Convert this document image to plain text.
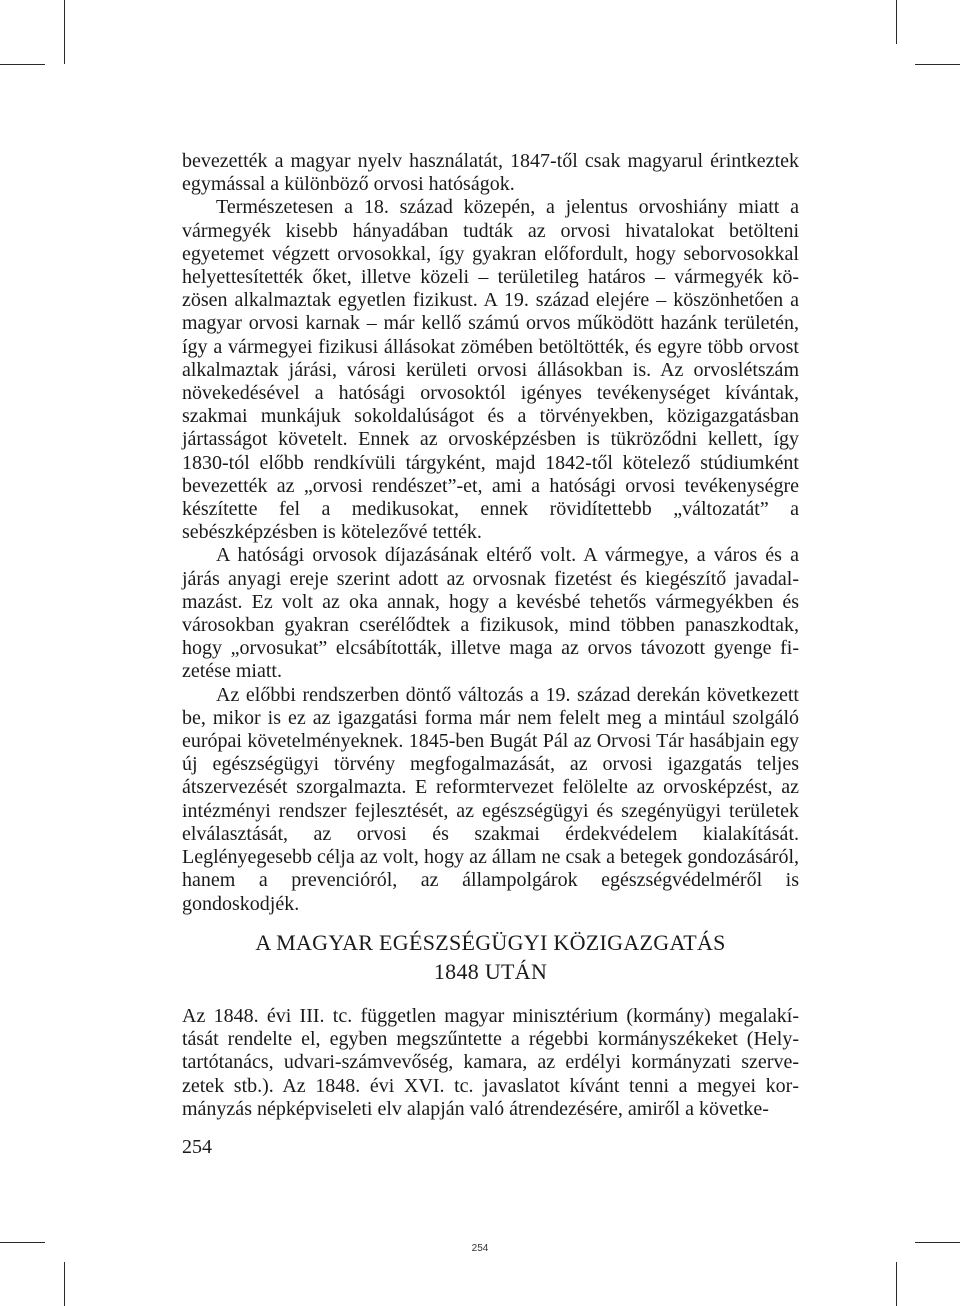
bevezették a magyar nyelv használatát, 1847-től csak magyarul érintkeztek egymással a különböző orvosi hatóságok.

Természetesen a 18. század közepén, a jelentus orvoshiány miatt a vármegyék kisebb hányadában tudták az orvosi hivatalokat betölteni egyetemet végzett orvosokkal, így gyakran előfordult, hogy seborvosokkal helyettesítették őket, illetve közeli – területileg határos – vármegyék közösen alkalmaztak egyetlen fizikust. A 19. század elejére – köszönhetően a magyar orvosi karnak – már kellő számú orvos működött hazánk területén, így a vármegyei fizikusi állásokat zömében betöltötték, és egyre több orvost alkalmaztak járási, városi kerületi orvosi állásokban is. Az orvoslétszám növekedésével a hatósági orvosoktól igényes tevékenységet kívántak, szakmai munkájuk sokoldalúságot és a törvényekben, közigazgatásban jártasságot követelt. Ennek az orvosképzésben is tükröződni kellett, így 1830-tól előbb rendkívüli tárgyként, majd 1842-től kötelező stúdiumként bevezették az „orvosi rendészet”-et, ami a hatósági orvosi tevékenységre készítette fel a medikusokat, ennek rövidítettebb „változatát” a sebészképzésben is kötelezővé tették.

A hatósági orvosok díjazásának eltérő volt. A vármegye, a város és a járás anyagi ereje szerint adott az orvosnak fizetést és kiegészítő javadalmazást. Ez volt az oka annak, hogy a kevésbé tehetős vármegyékben és városokban gyakran cserélődtek a fizikusok, mind többen panaszkodtak, hogy „orvosukat” elcsábították, illetve maga az orvos távozott gyenge fizetése miatt.

Az előbbi rendszerben döntő változás a 19. század derekán következett be, mikor is ez az igazgatási forma már nem felelt meg a mintául szolgáló európai követelményeknek. 1845-ben Bugát Pál az Orvosi Tár hasábjain egy új egészségügyi törvény megfogalmazását, az orvosi igazgatás teljes átszervezését szorgalmazta. E reformtervezet felölelte az orvosképzést, az intézményi rendszer fejlesztését, az egészségügyi és szegényügyi területek elválasztását, az orvosi és szakmai érdekvédelem kialakítását. Leglényegesebb célja az volt, hogy az állam ne csak a betegek gondozásáról, hanem a prevencióról, az állampolgárok egészségvédelméről is gondoskodjék.

A MAGYAR EGÉSZSÉGÜGYI KÖZIGAZGATÁS
1848 UTÁN

Az 1848. évi III. tc. független magyar minisztérium (kormány) megalakítását rendelte el, egyben megszűntette a régebbi kormányszékeket (Helytartótanács, udvari-számvevőség, kamara, az erdélyi kormányzati szervezetek stb.). Az 1848. évi XVI. tc. javaslatot kívánt tenni a megyei kormányzás népképviseleti elv alapján való átrendezésére, amiről a követke-

254
254
